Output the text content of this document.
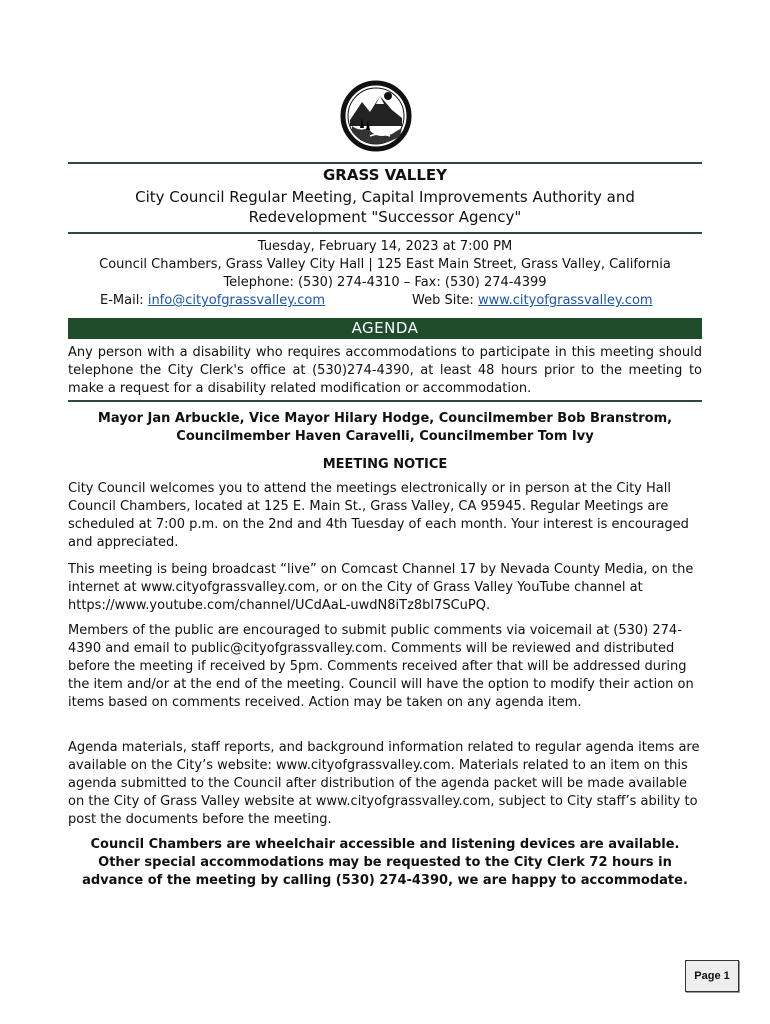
GRASS VALLEY
City Council Regular Meeting, Capital Improvements Authority and
Redevelopment "Successor Agency"
Tuesday, February 14, 2023 at 7:00 PM
Council Chambers, Grass Valley City Hall | 125 East Main Street, Grass Valley, California
Telephone: (530) 274-4310 – Fax: (530) 274-4399
E-Mail: info@cityofgrassvalley.com	Web Site: www.cityofgrassvalley.com
AGENDA
Any person with a disability who requires accommodations to participate in this meeting should telephone the City Clerk's office at (530)274-4390, at least 48 hours prior to the meeting to make a request for a disability related modification or accommodation.
Mayor Jan Arbuckle, Vice Mayor Hilary Hodge, Councilmember Bob Branstrom,
Councilmember Haven Caravelli, Councilmember Tom Ivy
MEETING NOTICE
City Council welcomes you to attend the meetings electronically or in person at the City Hall Council Chambers, located at 125 E. Main St., Grass Valley, CA 95945. Regular Meetings are scheduled at 7:00 p.m. on the 2nd and 4th Tuesday of each month. Your interest is encouraged and appreciated.
This meeting is being broadcast “live” on Comcast Channel 17 by Nevada County Media, on the internet at www.cityofgrassvalley.com, or on the City of Grass Valley YouTube channel at https://www.youtube.com/channel/UCdAaL-uwdN8iTz8bl7SCuPQ.
Members of the public are encouraged to submit public comments via voicemail at (530) 274-4390 and email to public@cityofgrassvalley.com. Comments will be reviewed and distributed before the meeting if received by 5pm. Comments received after that will be addressed during the item and/or at the end of the meeting. Council will have the option to modify their action on items based on comments received. Action may be taken on any agenda item.
Agenda materials, staff reports, and background information related to regular agenda items are available on the City’s website: www.cityofgrassvalley.com. Materials related to an item on this agenda submitted to the Council after distribution of the agenda packet will be made available on the City of Grass Valley website at www.cityofgrassvalley.com, subject to City staff’s ability to post the documents before the meeting.
Council Chambers are wheelchair accessible and listening devices are available. Other special accommodations may be requested to the City Clerk 72 hours in advance of the meeting by calling (530) 274-4390, we are happy to accommodate.
Page 1
